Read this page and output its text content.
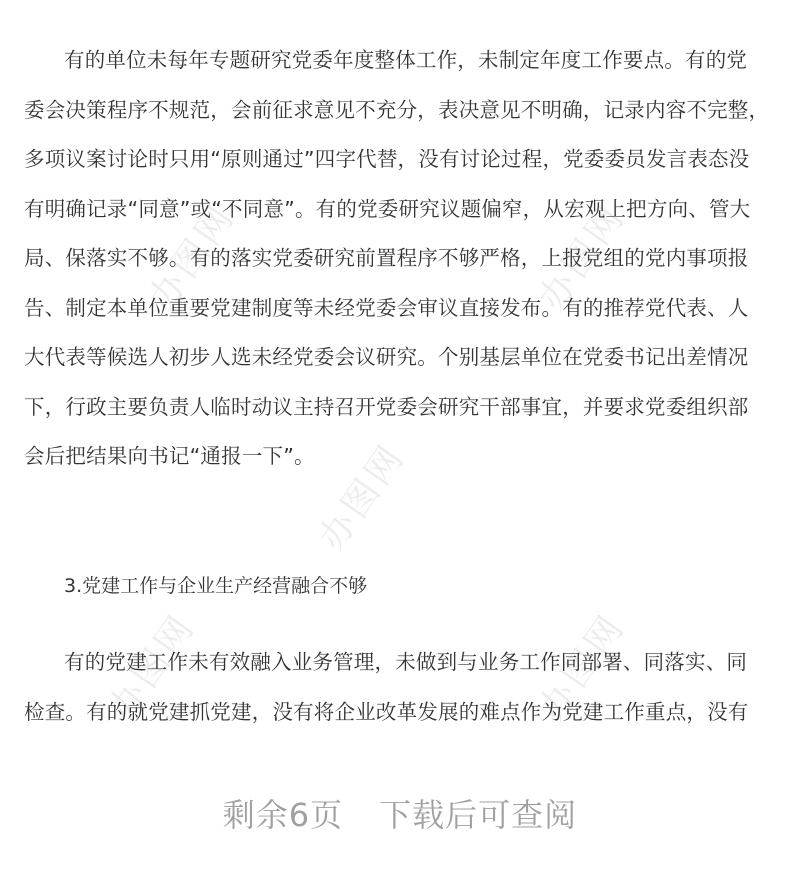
办图网	办图网
办图网
办图网	办图网
有的单位未每年专题研究党委年度整体工作，未制定年度工作要点。有的党
委会决策程序不规范，会前征求意见不充分，表决意见不明确，记录内容不完整，
多项议案讨论时只用“原则通过”四字代替，没有讨论过程，党委委员发言表态没
有明确记录“同意”或“不同意”。有的党委研究议题偏窄，从宏观上把方向、管大
局、保落实不够。有的落实党委研究前置程序不够严格，上报党组的党内事项报
告、制定本单位重要党建制度等未经党委会审议直接发布。有的推荐党代表、人
大代表等候选人初步人选未经党委会议研究。个别基层单位在党委书记出差情况
下，行政主要负责人临时动议主持召开党委会研究干部事宜，并要求党委组织部
会后把结果向书记“通报一下”。
3.党建工作与企业生产经营融合不够
有的党建工作未有效融入业务管理，未做到与业务工作同部署、同落实、同
检查。有的就党建抓党建，没有将企业改革发展的难点作为党建工作重点，没有
剩余6页 下载后可查阅
